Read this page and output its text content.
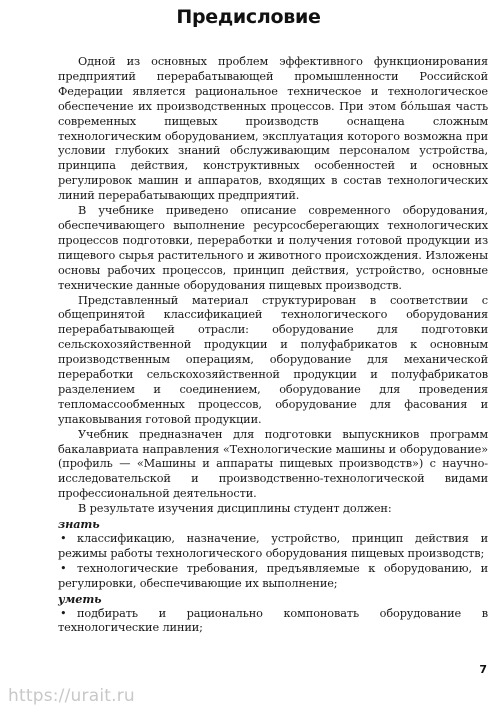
Предисловие

Одной из основных проблем эффективного функционирования предприятий перерабатывающей промышленности Российской Федерации является рациональное техническое и технологическое обеспечение их производственных процессов. При этом бо́льшая часть современных пищевых производств оснащена сложным технологическим оборудованием, эксплуатация которого возможна при условии глубоких знаний обслуживающим персоналом устройства, принципа действия, конструктивных особенностей и основных регулировок машин и аппаратов, входящих в состав технологических линий перерабатывающих предприятий.

В учебнике приведено описание современного оборудования, обеспечивающего выполнение ресурсосберегающих технологических процессов подготовки, переработки и получения готовой продукции из пищевого сырья растительного и животного происхождения. Изложены основы рабочих процессов, принцип действия, устройство, основные технические данные оборудования пищевых производств.

Представленный материал структурирован в соответствии с общепринятой классификацией технологического оборудования перерабатывающей отрасли: оборудование для подготовки сельскохозяйственной продукции и полуфабрикатов к основным производственным операциям, оборудование для механической переработки сельскохозяйственной продукции и полуфабрикатов разделением и соединением, оборудование для проведения тепломассообменных процессов, оборудование для фасования и упаковывания готовой продукции.

Учебник предназначен для подготовки выпускников программ бакалавриата направления «Технологические машины и оборудование» (профиль — «Машины и аппараты пищевых производств») с научно-исследовательской и производственно-технологической видами профессиональной деятельности.

В результате изучения дисциплины студент должен:

знать

• классификацию, назначение, устройство, принцип действия и режимы работы технологического оборудования пищевых производств;

• технологические требования, предъявляемые к оборудованию, и регулировки, обеспечивающие их выполнение;

уметь

• подбирать и рационально компоновать оборудование в технологические линии;

7
https://urait.ru
